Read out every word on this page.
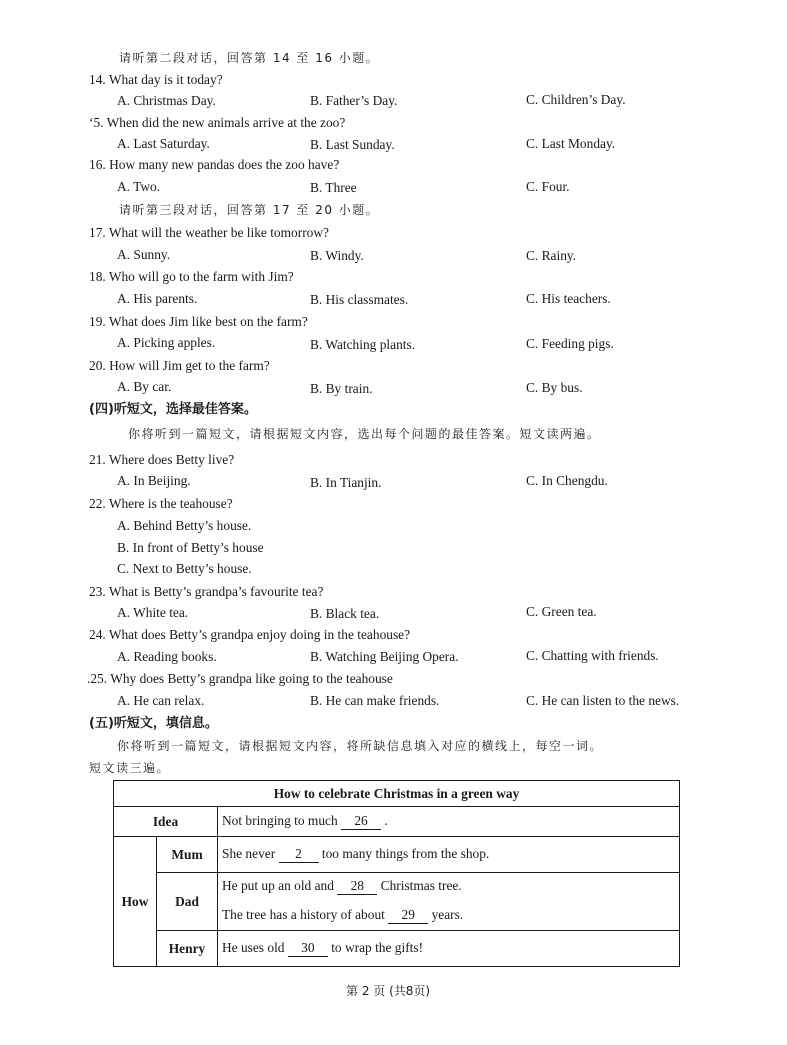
请听第二段对话，回答第 14 至 16 小题。
14. What day is it today?
A. Christmas Day.	B. Father’s Day.	C. Children’s Day.
ʻ5. When did the new animals arrive at the zoo?
A. Last Saturday.	B. Last Sunday.	C. Last Monday.
16. How many new pandas does the zoo have?
A. Two.	B. Three	C. Four.
请听第三段对话，回答第 17 至 20 小题。
17. What will the weather be like tomorrow?
A. Sunny.	B. Windy.	C. Rainy.
18. Who will go to the farm with Jim?
A. His parents.	B. His classmates.	C. His teachers.
19. What does Jim like best on the farm?
A. Picking apples.	B. Watching plants.	C. Feeding pigs.
20. How will Jim get to the farm?
A. By car.	B. By train.	C. By bus.
(四)听短文，选择最佳答案。
你将听到一篇短文，请根据短文内容，选出每个问题的最佳答案。短文读两遍。
21. Where does Betty live?
A. In Beijing.	B. In Tianjin.	C. In Chengdu.
22. Where is the teahouse?
A. Behind Betty’s house.
B. In front of Betty’s house
C. Next to Betty’s house.
23. What is Betty’s grandpa’s favourite tea?
A. White tea.	B. Black tea.	C. Green tea.
24. What does Betty’s grandpa enjoy doing in the teahouse?
A. Reading books.	B. Watching Beijing Opera.	C. Chatting with friends.
.25. Why does Betty’s grandpa like going to the teahouse
A. He can relax.	B. He can make friends.	C. He can listen to the news.
(五)听短文，填信息。
你将听到一篇短文，请根据短文内容，将所缺信息填入对应的横线上，每空一词。
短文读三遍。
How to celebrate Christmas in a green way		
Idea		Not bringing to much 26 .
How	Mum	She never 2 too many things from the shop.
	Dad	He put up an old and 28 Christmas tree.
		The tree has a history of about 29 years.
	Henry	He uses old 30 to wrap the gifts!
第 2 页 (共8页)
